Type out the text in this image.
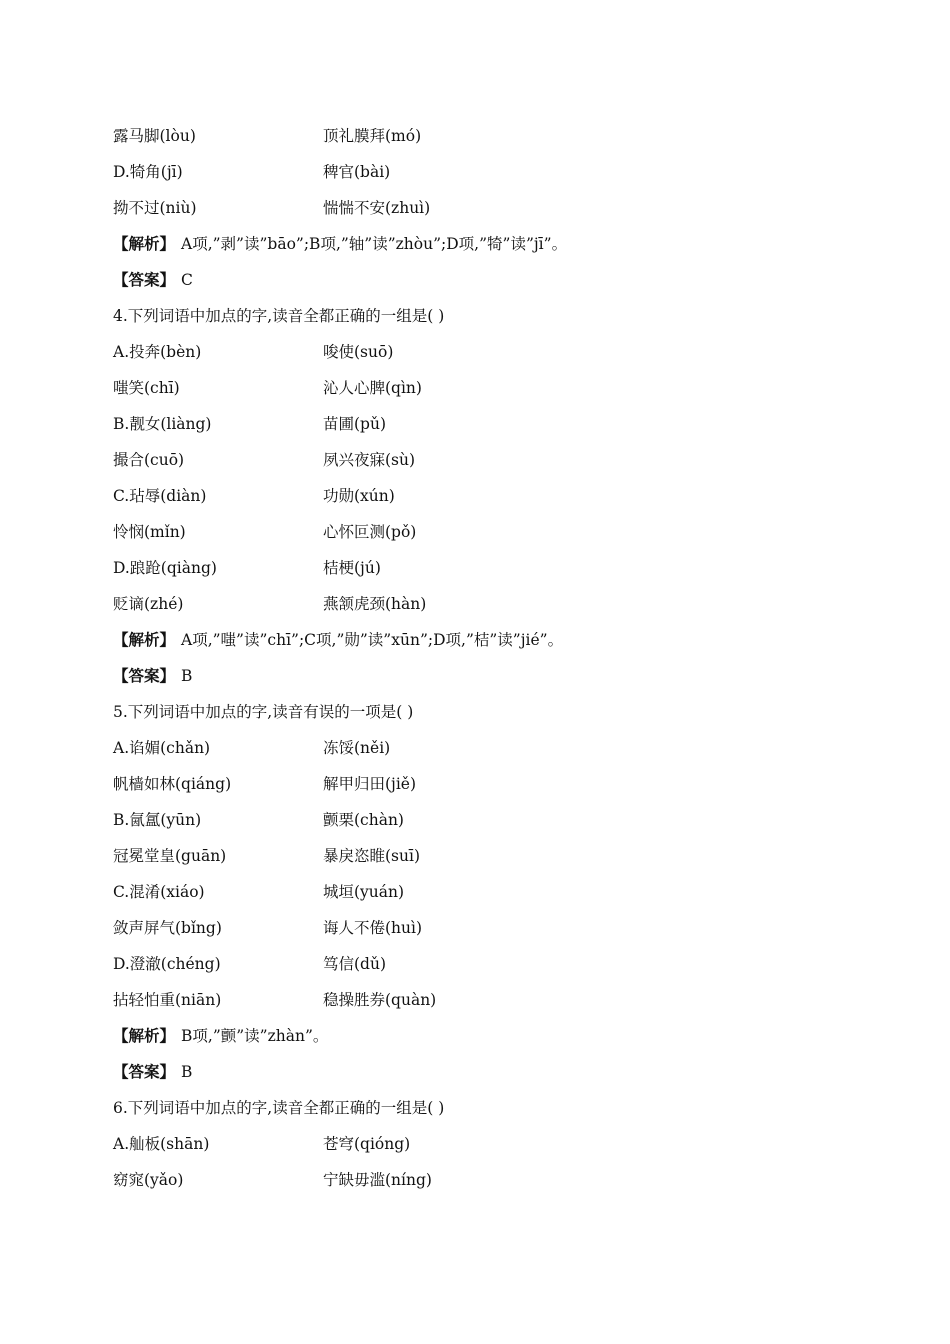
露马脚(lòu)	顶礼膜拜(mó)
D.犄角(jī)	稗官(bài)
拗不过(niù)	惴惴不安(zhuì)
【解析】 A项,”剥”读”bāo”;B项,”轴”读”zhòu”;D项,”犄”读”jī”。
【答案】 C
4.下列词语中加点的字,读音全都正确的一组是( )
A.投奔(bèn)	唆使(suō)
嗤笑(chī)	沁人心脾(qìn)
B.靓女(liàng)	苗圃(pǔ)
撮合(cuō)	夙兴夜寐(sù)
C.玷辱(diàn)	功勋(xún)
怜悯(mǐn)	心怀叵测(pǒ)
D.踉跄(qiàng)	桔梗(jú)
贬谪(zhé)	燕颔虎颈(hàn)
【解析】 A项,”嗤”读”chī”;C项,”勋”读”xūn”;D项,”桔”读”jié”。
【答案】 B
5.下列词语中加点的字,读音有误的一项是( )
A.谄媚(chǎn)	冻馁(něi)
帆樯如林(qiáng)	解甲归田(jiě)
B.氤氲(yūn)	颤栗(chàn)
冠冕堂皇(guān)	暴戾恣睢(suī)
C.混淆(xiáo)	城垣(yuán)
敛声屏气(bǐng)	诲人不倦(huì)
D.澄澈(chéng)	笃信(dǔ)
拈轻怕重(niān)	稳操胜券(quàn)
【解析】 B项,”颤”读”zhàn”。
【答案】 B
6.下列词语中加点的字,读音全都正确的一组是( )
A.舢板(shān)	苍穹(qióng)
窈窕(yǎo)	宁缺毋滥(níng)
